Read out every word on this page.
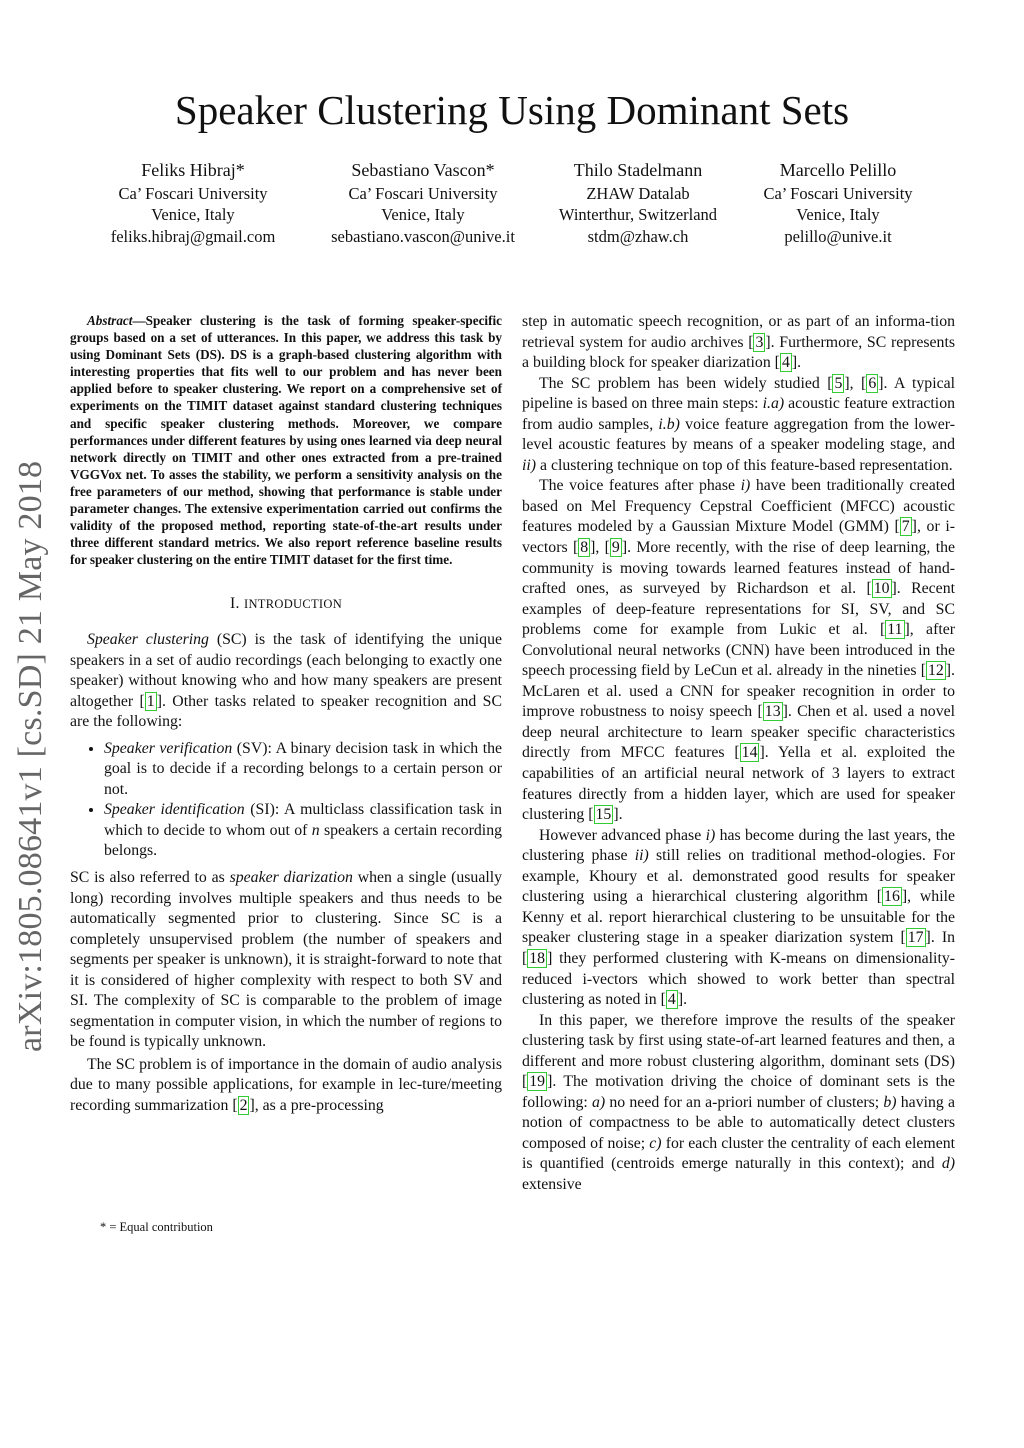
Speaker Clustering Using Dominant Sets
Feliks Hibraj*
Ca’ Foscari University
Venice, Italy
feliks.hibraj@gmail.com
Sebastiano Vascon*
Ca’ Foscari University
Venice, Italy
sebastiano.vascon@unive.it
Thilo Stadelmann
ZHAW Datalab
Winterthur, Switzerland
stdm@zhaw.ch
Marcello Pelillo
Ca’ Foscari University
Venice, Italy
pelillo@unive.it
arXiv:1805.08641v1 [cs.SD] 21 May 2018

Abstract—Speaker clustering is the task of forming speaker-specific groups based on a set of utterances. In this paper, we address this task by using Dominant Sets (DS). DS is a graph-based clustering algorithm with interesting properties that fits well to our problem and has never been applied before to speaker clustering. We report on a comprehensive set of experiments on the TIMIT dataset against standard clustering techniques and specific speaker clustering methods. Moreover, we compare performances under different features by using ones learned via deep neural network directly on TIMIT and other ones extracted from a pre-trained VGGVox net. To asses the stability, we perform a sensitivity analysis on the free parameters of our method, showing that performance is stable under parameter changes. The extensive experimentation carried out confirms the validity of the proposed method, reporting state-of-the-art results under three different standard metrics. We also report reference baseline results for speaker clustering on the entire TIMIT dataset for the first time.

I. INTRODUCTION

Speaker clustering (SC) is the task of identifying the unique speakers in a set of audio recordings (each belonging to exactly one speaker) without knowing who and how many speakers are present altogether [ 1 ]. Other tasks related to speaker recognition and SC are the following:

• Speaker verification (SV): A binary decision task in which the goal is to decide if a recording belongs to a certain person or not.
• Speaker identification (SI): A multiclass classification task in which to decide to whom out of n speakers a certain recording belongs.

SC is also referred to as speaker diarization when a single (usually long) recording involves multiple speakers and thus needs to be automatically segmented prior to clustering. Since SC is a completely unsupervised problem (the number of speakers and segments per speaker is unknown), it is straight-forward to note that it is considered of higher complexity with respect to both SV and SI. The complexity of SC is comparable to the problem of image segmentation in computer vision, in which the number of regions to be found is typically unknown.

The SC problem is of importance in the domain of audio analysis due to many possible applications, for example in lec-ture/meeting recording summarization [ 2 ], as a pre-processing

* = Equal contribution

step in automatic speech recognition, or as part of an informa-tion retrieval system for audio archives [ 3 ]. Furthermore, SC represents a building block for speaker diarization [ 4 ].

The SC problem has been widely studied [ 5 ], [ 6 ]. A typical pipeline is based on three main steps: i.a) acoustic feature extraction from audio samples, i.b) voice feature aggregation from the lower-level acoustic features by means of a speaker modeling stage, and ii) a clustering technique on top of this feature-based representation.

The voice features after phase i) have been traditionally created based on Mel Frequency Cepstral Coefficient (MFCC) acoustic features modeled by a Gaussian Mixture Model (GMM) [ 7 ], or i-vectors [ 8 ], [ 9 ]. More recently, with the rise of deep learning, the community is moving towards learned features instead of hand-crafted ones, as surveyed by Richardson et al. [ 10 ]. Recent examples of deep-feature representations for SI, SV, and SC problems come for example from Lukic et al. [ 11 ], after Convolutional neural networks (CNN) have been introduced in the speech processing field by LeCun et al. already in the nineties [ 12 ]. McLaren et al. used a CNN for speaker recognition in order to improve robustness to noisy speech [ 13 ]. Chen et al. used a novel deep neural architecture to learn speaker specific characteristics directly from MFCC features [ 14 ]. Yella et al. exploited the capabilities of an artificial neural network of 3 layers to extract features directly from a hidden layer, which are used for speaker clustering [ 15 ].

However advanced phase i) has become during the last years, the clustering phase ii) still relies on traditional method-ologies. For example, Khoury et al. demonstrated good results for speaker clustering using a hierarchical clustering algorithm [ 16 ], while Kenny et al. report hierarchical clustering to be unsuitable for the speaker clustering stage in a speaker diarization system [ 17 ]. In [ 18 ] they performed clustering with K-means on dimensionality-reduced i-vectors which showed to work better than spectral clustering as noted in [ 4 ].

In this paper, we therefore improve the results of the speaker clustering task by first using state-of-art learned features and then, a different and more robust clustering algorithm, dominant sets (DS) [ 19 ]. The motivation driving the choice of dominant sets is the following: a) no need for an a-priori number of clusters; b) having a notion of compactness to be able to automatically detect clusters composed of noise; c) for each cluster the centrality of each element is quantified (centroids emerge naturally in this context); and d) extensive
